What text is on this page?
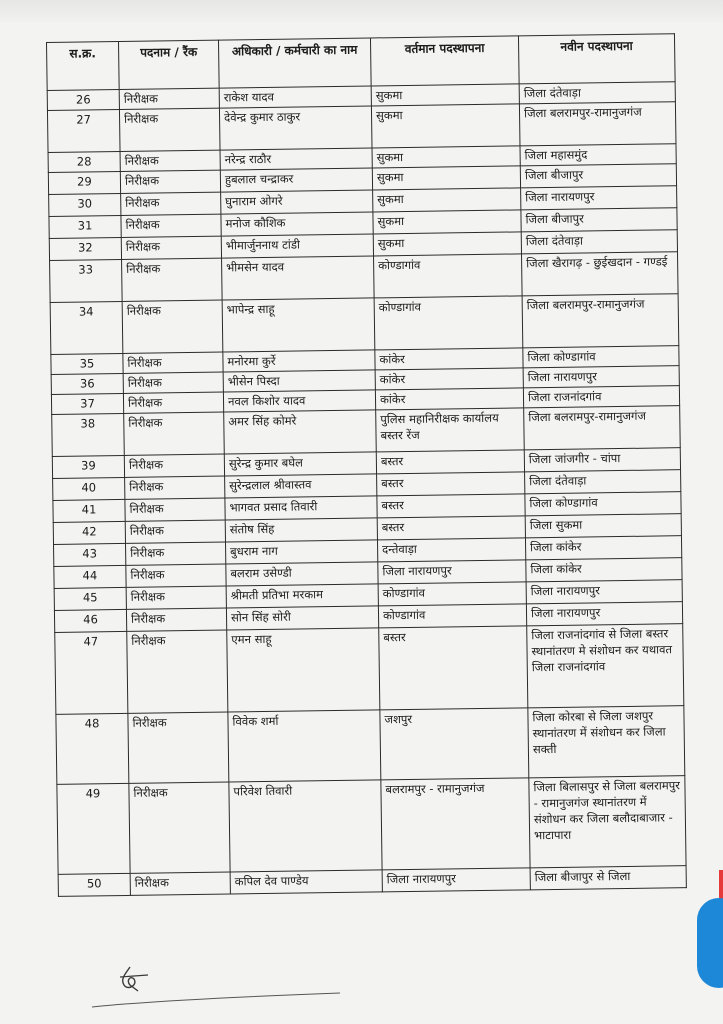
स.क्र.	पदनाम / रैंक	अधिकारी / कर्मचारी का नाम	वर्तमान पदस्थापना	नवीन पदस्थापना
26	निरीक्षक	राकेश यादव	सुकमा	जिला दंतेवाड़ा
27	निरीक्षक	देवेन्द्र कुमार ठाकुर	सुकमा	जिला बलरामपुर-रामानुजगंज
28	निरीक्षक	नरेन्द्र राठौर	सुकमा	जिला महासमुंद
29	निरीक्षक	हुबलाल चन्द्राकर	सुकमा	जिला बीजापुर
30	निरीक्षक	घुनाराम ओगरे	सुकमा	जिला नारायणपुर
31	निरीक्षक	मनोज कौशिक	सुकमा	जिला बीजापुर
32	निरीक्षक	भीमार्जुननाथ टांडी	सुकमा	जिला दंतेवाड़ा
33	निरीक्षक	भीमसेन यादव	कोण्डागांव	जिला खैरागढ़ - छुईखदान - गण्डई
34	निरीक्षक	भापेन्द्र साहू	कोण्डागांव	जिला बलरामपुर-रामानुजगंज
35	निरीक्षक	मनोरमा कुर्रे	कांकेर	जिला कोण्डागांव
36	निरीक्षक	भीसेन पिस्दा	कांकेर	जिला नारायणपुर
37	निरीक्षक	नवल किशोर यादव	कांकेर	जिला राजनांदगांव
38	निरीक्षक	अमर सिंह कोमरे	पुलिस महानिरीक्षक कार्यालय बस्तर रेंज	जिला बलरामपुर-रामानुजगंज
39	निरीक्षक	सुरेन्द्र कुमार बघेल	बस्तर	जिला जांजगीर - चांपा
40	निरीक्षक	सुरेन्द्रलाल श्रीवास्तव	बस्तर	जिला दंतेवाड़ा
41	निरीक्षक	भागवत प्रसाद तिवारी	बस्तर	जिला कोण्डागांव
42	निरीक्षक	संतोष सिंह	बस्तर	जिला सुकमा
43	निरीक्षक	बुधराम नाग	दन्तेवाड़ा	जिला कांकेर
44	निरीक्षक	बलराम उसेण्डी	जिला नारायणपुर	जिला कांकेर
45	निरीक्षक	श्रीमती प्रतिभा मरकाम	कोण्डागांव	जिला नारायणपुर
46	निरीक्षक	सोन सिंह सोरी	कोण्डागांव	जिला नारायणपुर
47	निरीक्षक	एमन साहू	बस्तर	जिला राजनांदगांव से जिला बस्तर स्थानांतरण मे संशोधन कर यथावत जिला राजनांदगांव
48	निरीक्षक	विवेक शर्मा	जशपुर	जिला कोरबा से जिला जशपुर स्थानांतरण में संशोधन कर जिला सक्ती
49	निरीक्षक	परिवेश तिवारी	बलरामपुर - रामानुजगंज	जिला बिलासपुर से जिला बलरामपुर - रामानुजगंज स्थानांतरण में संशोधन कर जिला बलौदाबाजार - भाटापारा
50	निरीक्षक	कपिल देव पाण्डेय	जिला नारायणपुर	जिला बीजापुर से जिला
